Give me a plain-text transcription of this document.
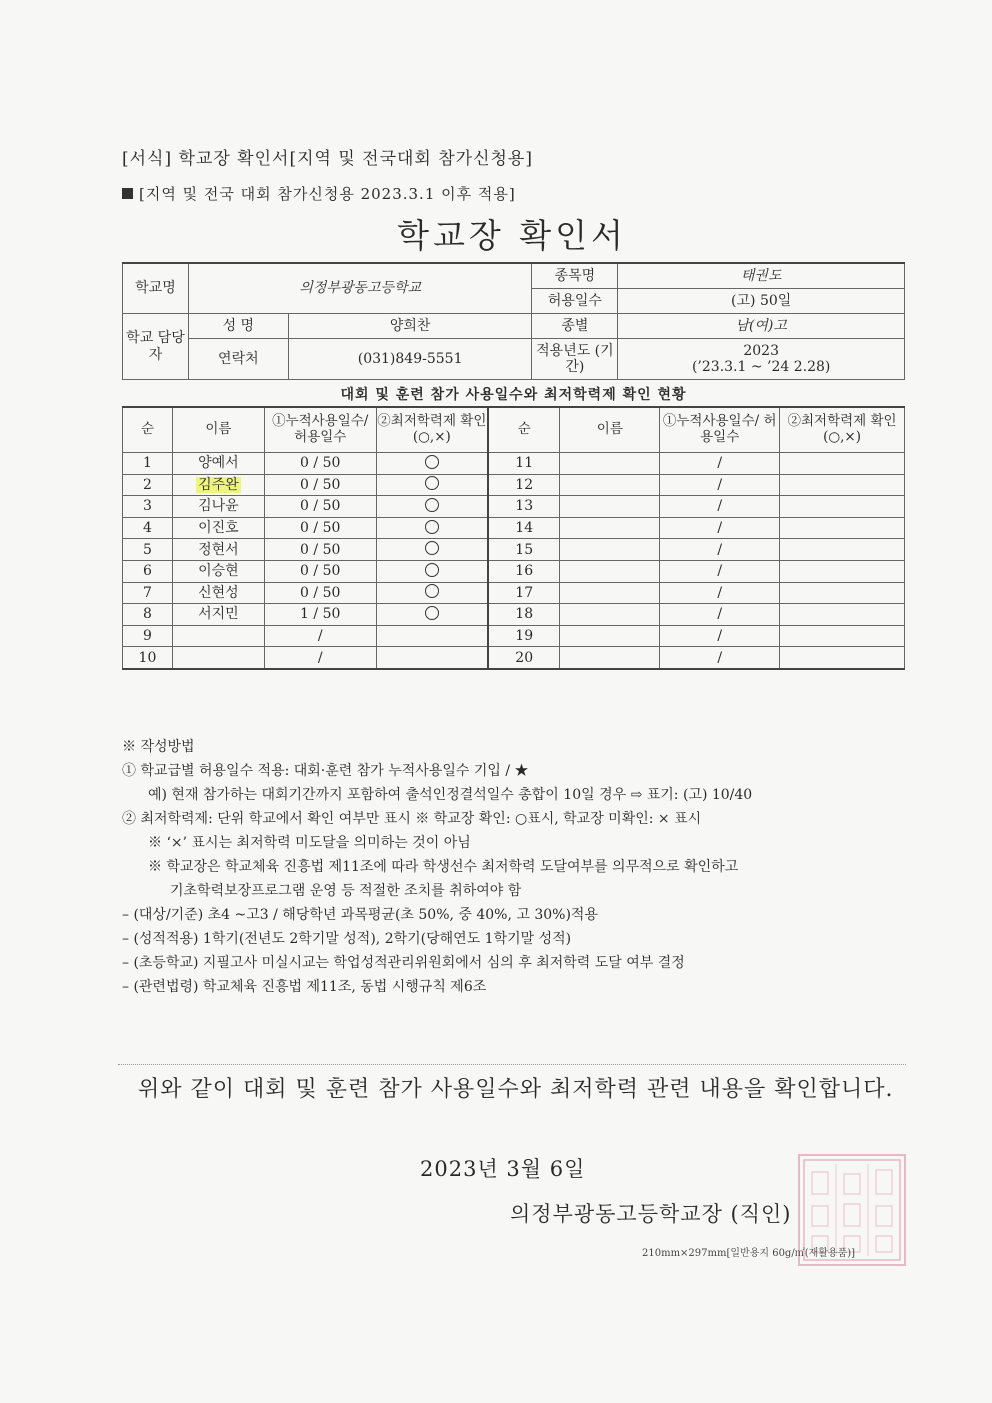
[서식] 학교장 확인서[지역 및 전국대회 참가신청용]
[지역 및 전국 대회 참가신청용 2023.3.1 이후 적용]
학교장 확인서
학교명	의정부광동고등학교		종목명	태권도
			허용일수	(고) 50일
학교 담당자	성 명	양희찬	종별	남(여)고
	연락처	(031)849-5551	적용년도 (기간)	2023
(’23.3.1 ~ ’24 2.28)
대회 및 훈련 참가 사용일수와 최저학력제 확인 현황
순	이름	①누적사용일수/ 허용일수	②최저학력제 확인(○,×)	순	이름	①누적사용일수/ 허용일수	②최저학력제 확인(○,×)
1	양예서	0 / 50		11		/	
2	김주완	0 / 50		12		/	
3	김나윤	0 / 50		13		/	
4	이진호	0 / 50		14		/	
5	정현서	0 / 50		15		/	
6	이승현	0 / 50		16		/	
7	신현성	0 / 50		17		/	
8	서지민	1 / 50		18		/	
9		/		19		/	
10		/		20		/	
※ 작성방법
① 학교급별 허용일수 적용: 대회·훈련 참가 누적사용일수 기입 / ★
예) 현재 참가하는 대회기간까지 포함하여 출석인정결석일수 총합이 10일 경우 ⇨ 표기: (고) 10/40
② 최저학력제: 단위 학교에서 확인 여부만 표시 ※ 학교장 확인: ○표시, 학교장 미확인: × 표시
※ ‘×’ 표시는 최저학력 미도달을 의미하는 것이 아님
※ 학교장은 학교체육 진흥법 제11조에 따라 학생선수 최저학력 도달여부를 의무적으로 확인하고
기초학력보장프로그램 운영 등 적절한 조치를 취하여야 함
– (대상/기준) 초4 ~고3 / 해당학년 과목평균(초 50%, 중 40%, 고 30%)적용
– (성적적용) 1학기(전년도 2학기말 성적), 2학기(당해연도 1학기말 성적)
– (초등학교) 지필고사 미실시교는 학업성적관리위원회에서 심의 후 최저학력 도달 여부 결정
– (관련법령) 학교체육 진흥법 제11조, 동법 시행규칙 제6조
위와 같이 대회 및 훈련 참가 사용일수와 최저학력 관련 내용을 확인합니다.
2023년 3월 6일
의정부광동고등학교장 (직인)
210mm×297mm[일반용지 60g/㎡(재활용품)]
